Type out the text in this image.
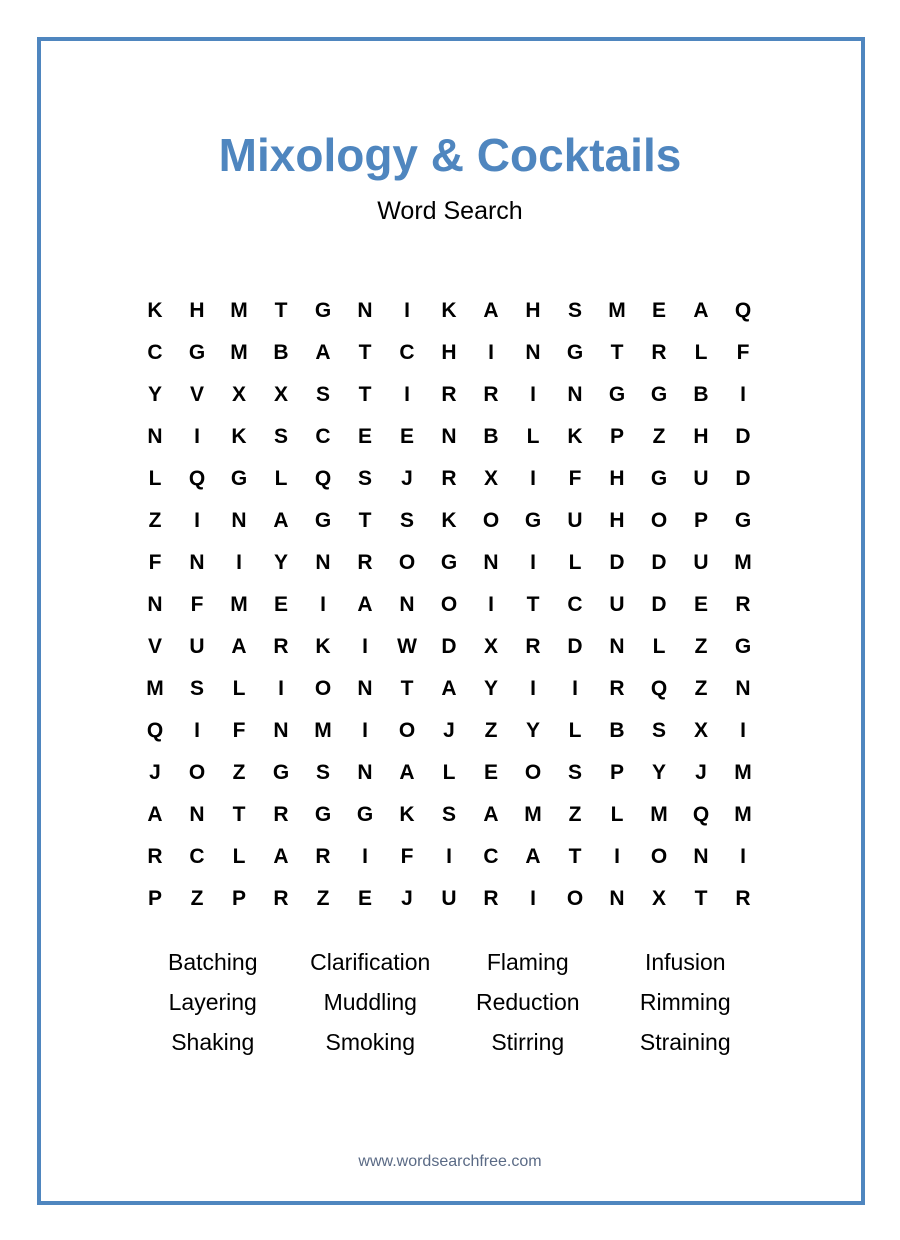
Mixology & Cocktails
Word Search
K	H	M	T	G	N	I	K	A	H	S	M	E	A	Q
C	G	M	B	A	T	C	H	I	N	G	T	R	L	F
Y	V	X	X	S	T	I	R	R	I	N	G	G	B	I
N	I	K	S	C	E	E	N	B	L	K	P	Z	H	D
L	Q	G	L	Q	S	J	R	X	I	F	H	G	U	D
Z	I	N	A	G	T	S	K	O	G	U	H	O	P	G
F	N	I	Y	N	R	O	G	N	I	L	D	D	U	M
N	F	M	E	I	A	N	O	I	T	C	U	D	E	R
V	U	A	R	K	I	W	D	X	R	D	N	L	Z	G
M	S	L	I	O	N	T	A	Y	I	I	R	Q	Z	N
Q	I	F	N	M	I	O	J	Z	Y	L	B	S	X	I
J	O	Z	G	S	N	A	L	E	O	S	P	Y	J	M
A	N	T	R	G	G	K	S	A	M	Z	L	M	Q	M
R	C	L	A	R	I	F	I	C	A	T	I	O	N	I
P	Z	P	R	Z	E	J	U	R	I	O	N	X	T	R
Batching	Clarification	Flaming	Infusion
Layering	Muddling	Reduction	Rimming
Shaking	Smoking	Stirring	Straining
www.wordsearchfree.com
